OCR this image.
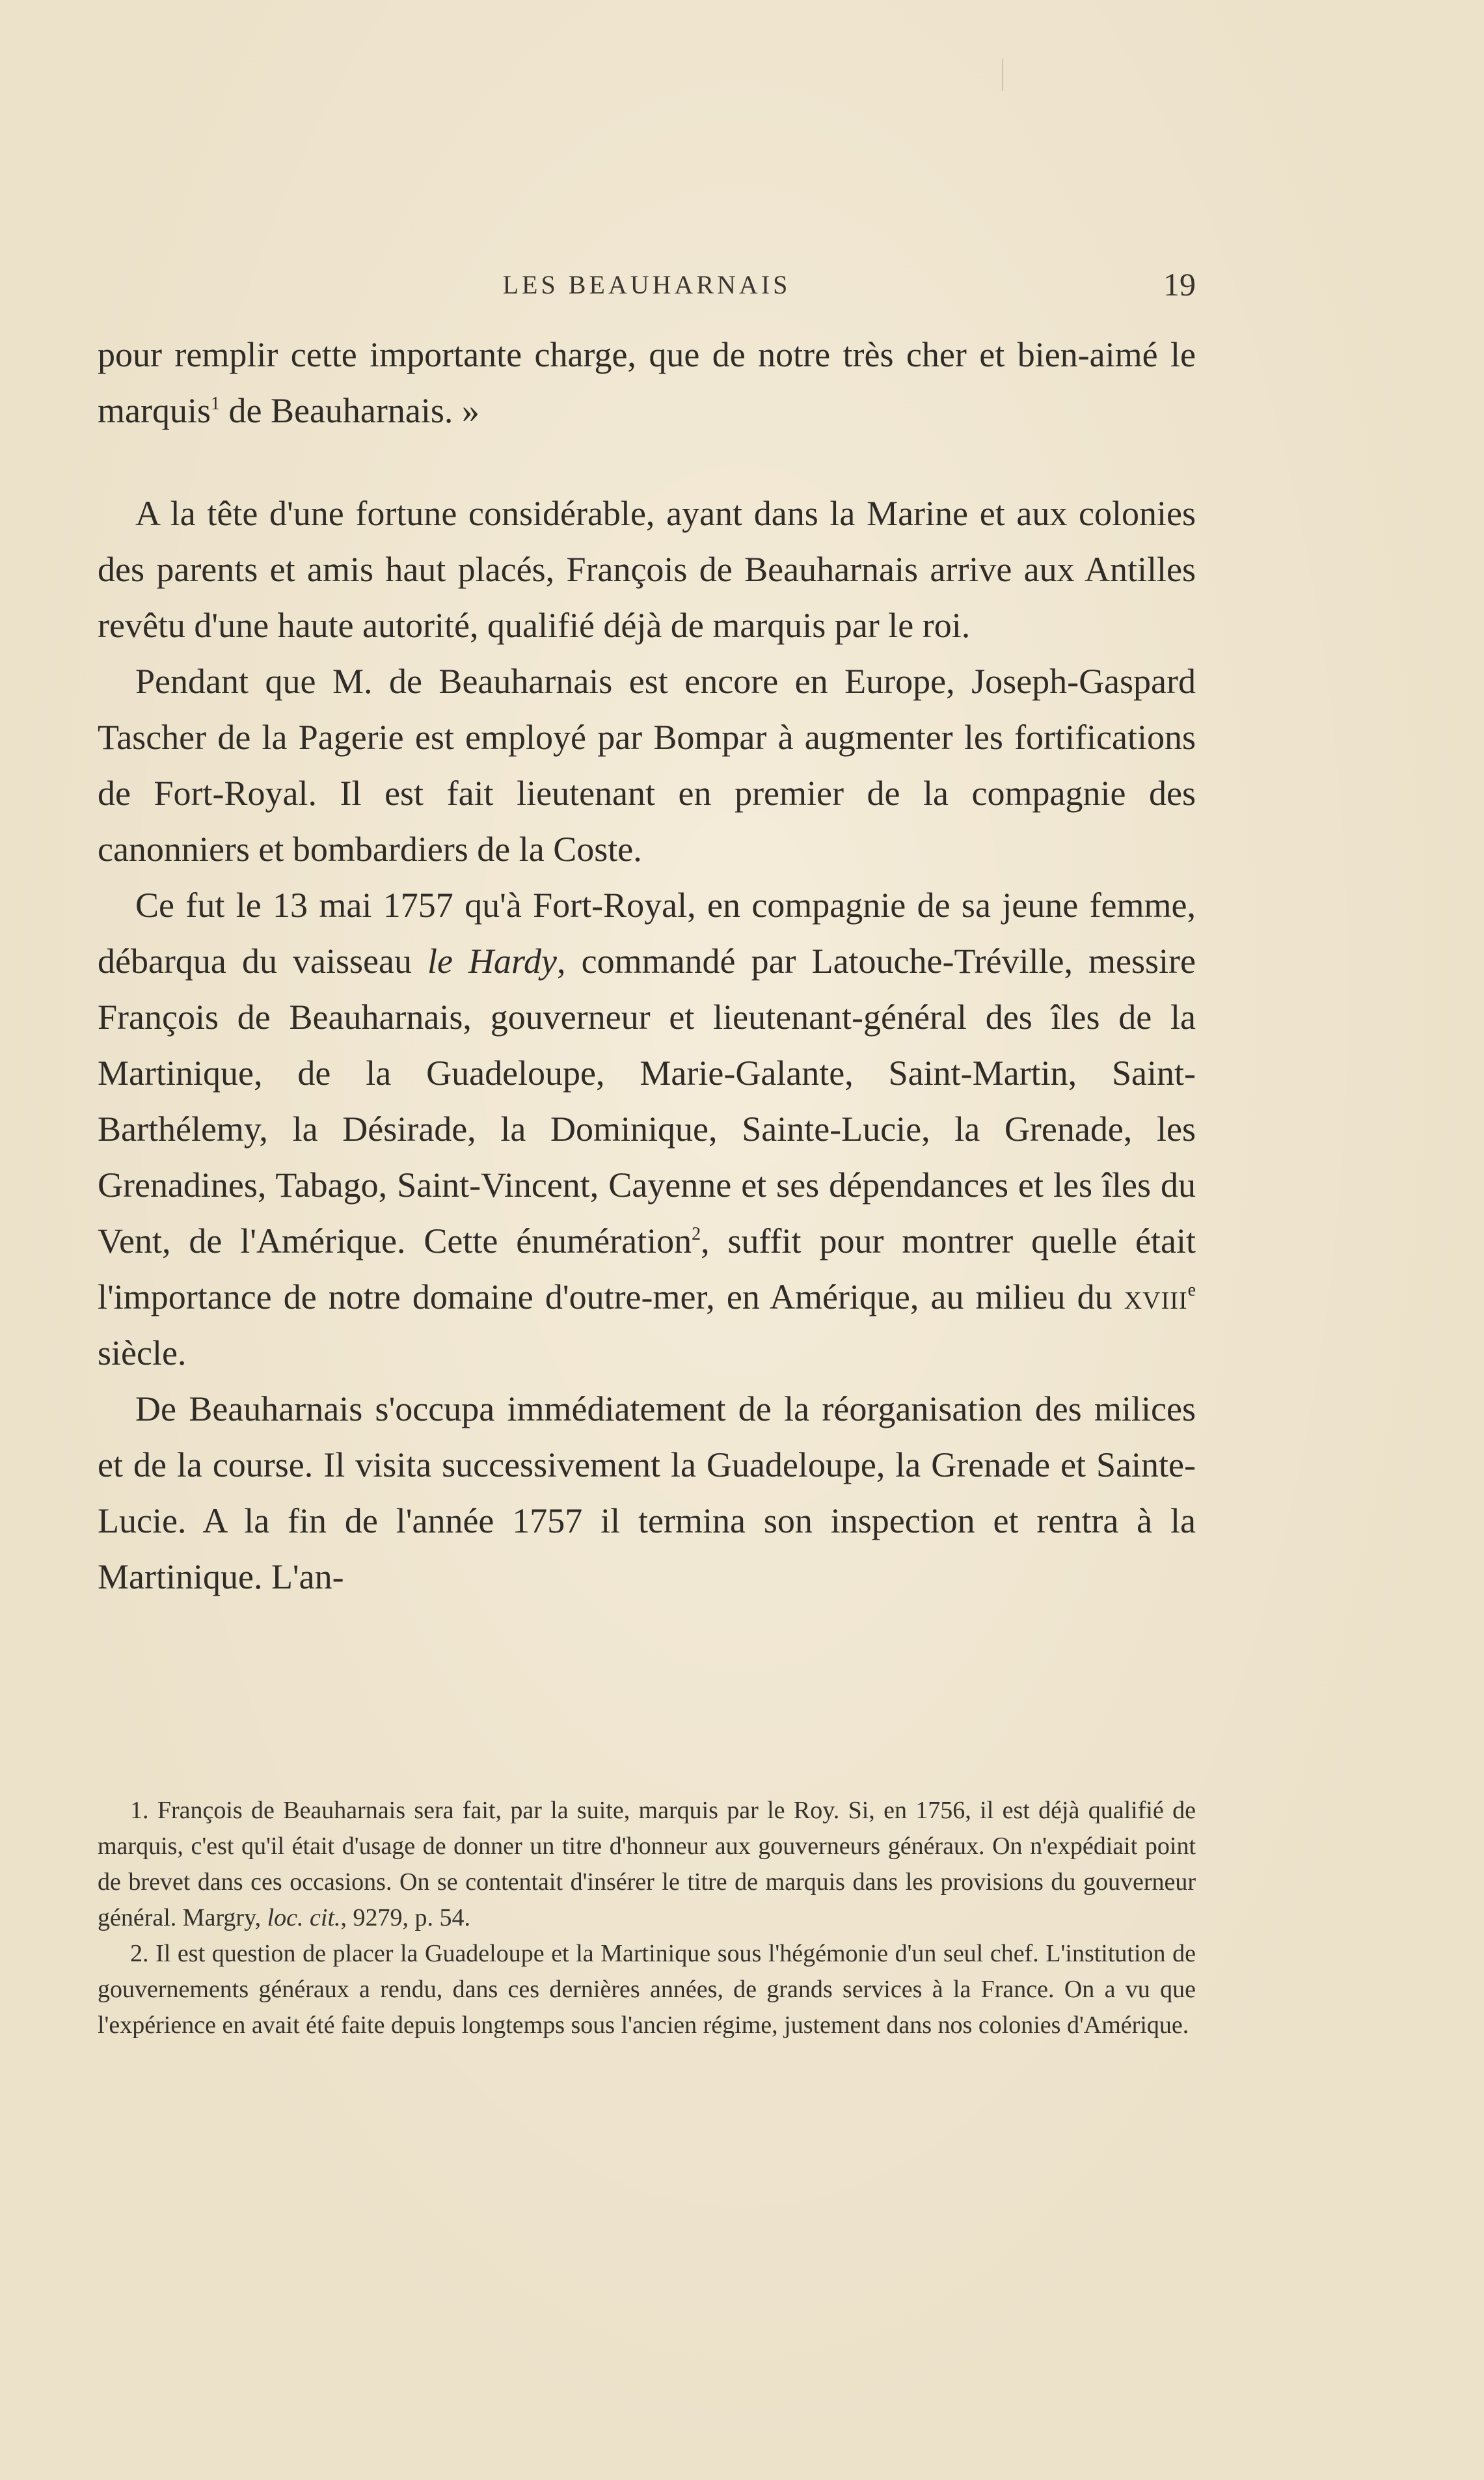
LES BEAUHARNAIS	19

pour remplir cette importante charge, que de notre très cher et bien-aimé le marquis$^1$ de Beauharnais. »

A la tête d'une fortune considérable, ayant dans la Marine et aux colonies des parents et amis haut placés, François de Beauharnais arrive aux Antilles revêtu d'une haute autorité, qualifié déjà de marquis par le roi.

Pendant que M. de Beauharnais est encore en Europe, Joseph-Gaspard Tascher de la Pagerie est employé par Bompar à augmenter les fortifications de Fort-Royal. Il est fait lieutenant en premier de la compagnie des canonniers et bombardiers de la Coste.

Ce fut le 13 mai 1757 qu'à Fort-Royal, en compagnie de sa jeune femme, débarqua du vaisseau le Hardy, commandé par Latouche-Tréville, messire François de Beauharnais, gouverneur et lieutenant-général des îles de la Martinique, de la Guadeloupe, Marie-Galante, Saint-Martin, Saint-Barthélemy, la Désirade, la Dominique, Sainte-Lucie, la Grenade, les Grenadines, Tabago, Saint-Vincent, Cayenne et ses dépendances et les îles du Vent, de l'Amérique. Cette énumération$^2$, suffit pour montrer quelle était l'importance de notre domaine d'outre-mer, en Amérique, au milieu du xviii$^e$ siècle.

De Beauharnais s'occupa immédiatement de la réorganisation des milices et de la course. Il visita successivement la Guadeloupe, la Grenade et Sainte-Lucie. A la fin de l'année 1757 il termina son inspection et rentra à la Martinique. L'an-

1. François de Beauharnais sera fait, par la suite, marquis par le Roy. Si, en 1756, il est déjà qualifié de marquis, c'est qu'il était d'usage de donner un titre d'honneur aux gouverneurs généraux. On n'expédiait point de brevet dans ces occasions. On se contentait d'insérer le titre de marquis dans les provisions du gouverneur général. Margry, loc. cit., 9279, p. 54.

2. Il est question de placer la Guadeloupe et la Martinique sous l'hégémonie d'un seul chef. L'institution de gouvernements généraux a rendu, dans ces dernières années, de grands services à la France. On a vu que l'expérience en avait été faite depuis longtemps sous l'ancien régime, justement dans nos colonies d'Amérique.
